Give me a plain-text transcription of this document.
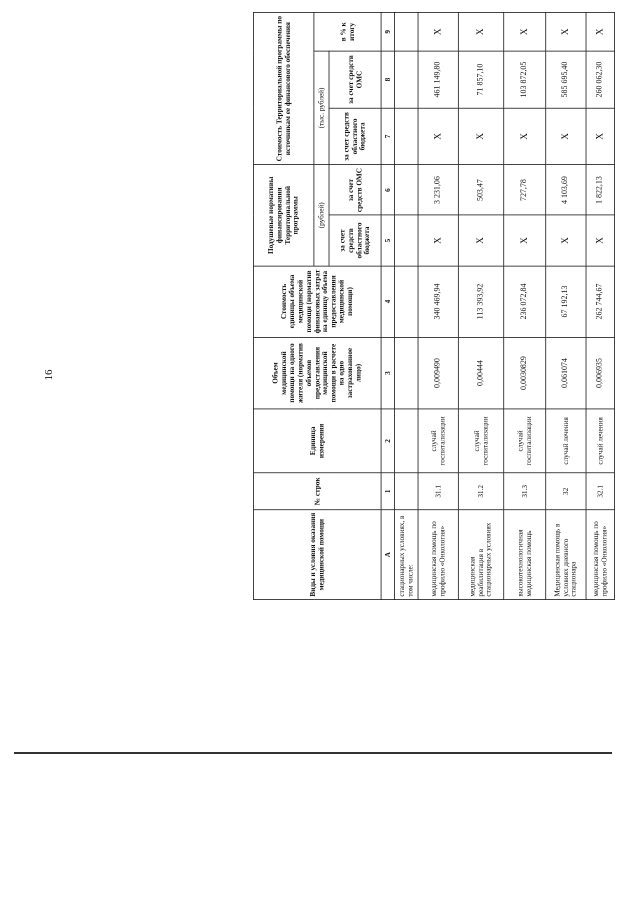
16
Виды и условия оказания медицинской помощи	№ строк	Единица измерения	Объем медицинской помощи на одного жителя (норматив объемов предоставления медицинской помощи в расчете на одно застрахованное лицо)	Стоимость единицы объема медицинской помощи (норматив финансовых затрат на единицу объема предоставления медицинской помощи)	Подушевые нормативы финансирования Территориальной программы		Стоимость Территориальной программы по источникам ее финансового обеспечения		
					(рублей)		(тыс. рублей)		в % к итогу
					за счет средств областного бюджета	за счет средств ОМС	за счет средств областного бюджета	за счет средств ОМС	
А	1	2	3	4	5	6	7	8	9
стационарных условиях, в том числе:									
медицинская помощь по профилю «Онкология»	31.1	случай госпитализации	0,009490	340 469,94	Х	3 231,06	Х	461 149,80	Х
медицинская реабилитация в стационарных условиях	31.2	случай госпитализации	0,00444	113 393,92	Х	503,47	Х	71 857,10	Х
высокотехнологичная медицинская помощь	31.3	случай госпитализации	0,0030829	236 072,84	Х	727,78	Х	103 872,05	Х
Медицинская помощь в условиях дневного стационара	32	случай лечения	0,061074	67 192,13	Х	4 103,69	Х	585 695,40	Х
медицинская помощь по профилю «Онкология»	32.1	случай лечения	0,006935	262 744,67	Х	1 822,13	Х	260 062,30	Х
